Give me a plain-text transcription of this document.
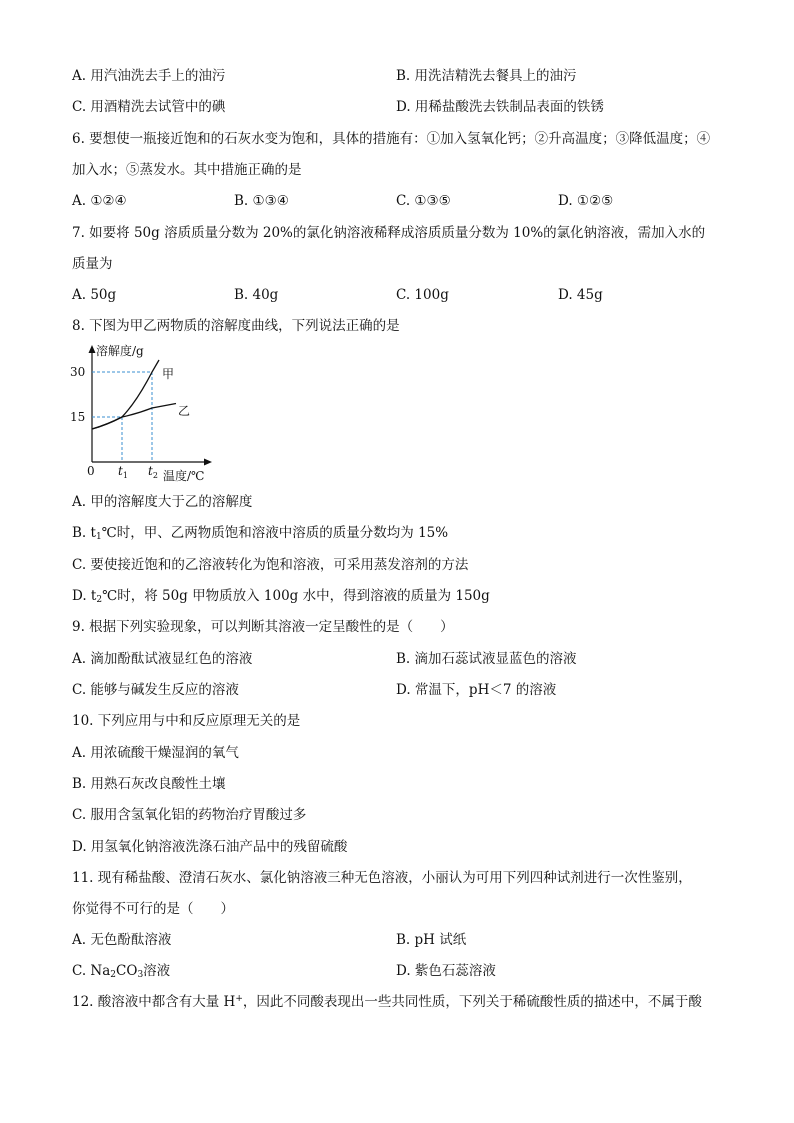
A. 用汽油洗去手上的油污	B. 用洗洁精洗去餐具上的油污
C. 用酒精洗去试管中的碘	D. 用稀盐酸洗去铁制品表面的铁锈
6. 要想使一瓶接近饱和的石灰水变为饱和，具体的措施有：①加入氢氧化钙；②升高温度；③降低温度；④
加入水；⑤蒸发水。其中措施正确的是
A. ①②④	B. ①③④	C. ①③⑤	D. ①②⑤
7. 如要将 50g 溶质质量分数为 20%的氯化钠溶液稀释成溶质质量分数为 10%的氯化钠溶液，需加入水的
质量为
A. 50g	B. 40g	C. 100g	D. 45g
8. 下图为甲乙两物质的溶解度曲线，下列说法正确的是
溶解度/g
温度/℃
0
30
15
$t_1$ $t_2$
甲
乙
A. 甲的溶解度大于乙的溶解度
B. $t_1℃$时，甲、乙两物质饱和溶液中溶质的质量分数均为 15%
C. 要使接近饱和的乙溶液转化为饱和溶液，可采用蒸发溶剂的方法
D. $t_2℃$时，将 50g 甲物质放入 100g 水中，得到溶液的质量为 150g
9. 根据下列实验现象，可以判断其溶液一定呈酸性的是（　　）
A. 滴加酚酞试液显红色的溶液	B. 滴加石蕊试液显蓝色的溶液
C. 能够与碱发生反应的溶液	D. 常温下，pH＜7 的溶液
10. 下列应用与中和反应原理无关的是
A. 用浓硫酸干燥湿润的氧气
B. 用熟石灰改良酸性土壤
C. 服用含氢氧化铝的药物治疗胃酸过多
D. 用氢氧化钠溶液洗涤石油产品中的残留硫酸
11. 现有稀盐酸、澄清石灰水、氯化钠溶液三种无色溶液，小丽认为可用下列四种试剂进行一次性鉴别，
你觉得不可行的是（　　）
A. 无色酚酞溶液	B. pH 试纸
C. $Na_2CO_3$溶液	D. 紫色石蕊溶液
12. 酸溶液中都含有大量 H+，因此不同酸表现出一些共同性质，下列关于稀硫酸性质的描述中，不属于酸
